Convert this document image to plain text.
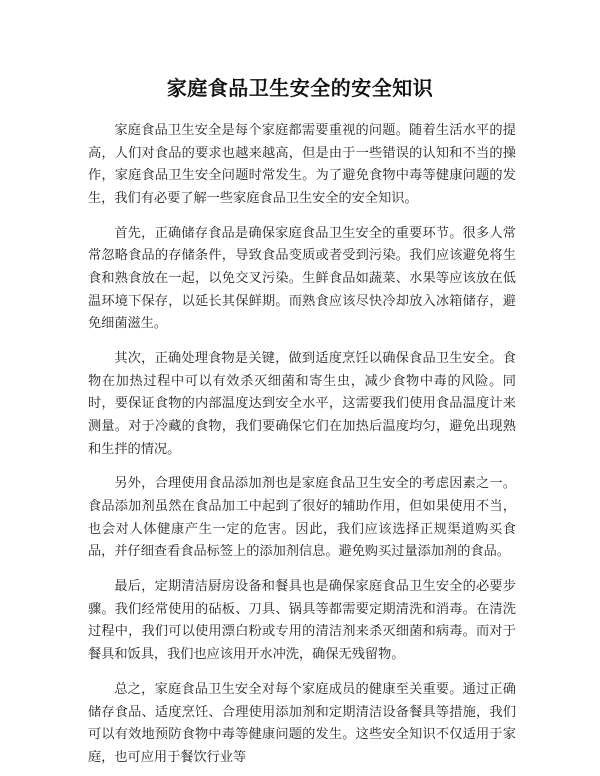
家庭食品卫生安全的安全知识

家庭食品卫生安全是每个家庭都需要重视的问题。随着生活水平的提高，人们对食品的要求也越来越高，但是由于一些错误的认知和不当的操作，家庭食品卫生安全问题时常发生。为了避免食物中毒等健康问题的发生，我们有必要了解一些家庭食品卫生安全的安全知识。

首先，正确储存食品是确保家庭食品卫生安全的重要环节。很多人常常忽略食品的存储条件，导致食品变质或者受到污染。我们应该避免将生食和熟食放在一起，以免交叉污染。生鲜食品如蔬菜、水果等应该放在低温环境下保存，以延长其保鲜期。而熟食应该尽快冷却放入冰箱储存，避免细菌滋生。

其次，正确处理食物是关键，做到适度烹饪以确保食品卫生安全。食物在加热过程中可以有效杀灭细菌和寄生虫，减少食物中毒的风险。同时，要保证食物的内部温度达到安全水平，这需要我们使用食品温度计来测量。对于冷藏的食物，我们要确保它们在加热后温度均匀，避免出现熟和生拌的情况。

另外，合理使用食品添加剂也是家庭食品卫生安全的考虑因素之一。食品添加剂虽然在食品加工中起到了很好的辅助作用，但如果使用不当，也会对人体健康产生一定的危害。因此，我们应该选择正规渠道购买食品，并仔细查看食品标签上的添加剂信息。避免购买过量添加剂的食品。

最后，定期清洁厨房设备和餐具也是确保家庭食品卫生安全的必要步骤。我们经常使用的砧板、刀具、锅具等都需要定期清洗和消毒。在清洗过程中，我们可以使用漂白粉或专用的清洁剂来杀灭细菌和病毒。而对于餐具和饭具，我们也应该用开水冲洗，确保无残留物。

总之，家庭食品卫生安全对每个家庭成员的健康至关重要。通过正确储存食品、适度烹饪、合理使用添加剂和定期清洁设备餐具等措施，我们可以有效地预防食物中毒等健康问题的发生。这些安全知识不仅适用于家庭，也可应用于餐饮行业等
